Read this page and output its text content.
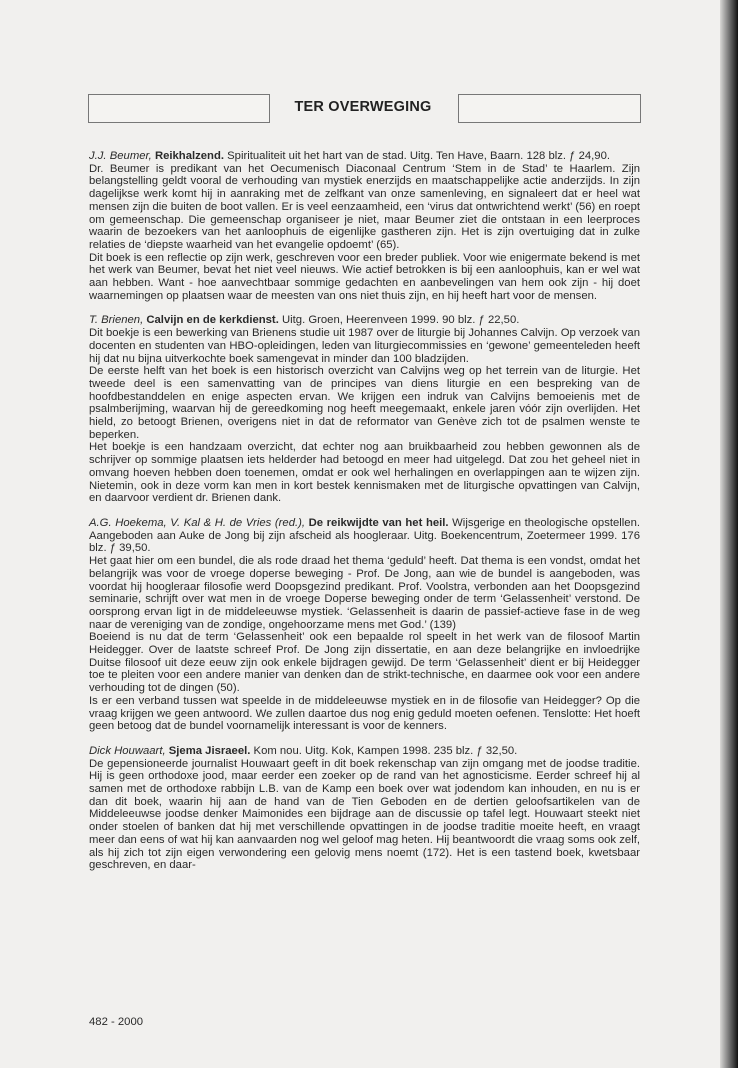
TER OVERWEGING

J.J. Beumer, Reikhalzend. Spiritualiteit uit het hart van de stad. Uitg. Ten Have, Baarn. 128 blz. ƒ 24,90.

Dr. Beumer is predikant van het Oecumenisch Diaconaal Centrum ‘Stem in de Stad’ te Haarlem. Zijn belangstelling geldt vooral de verhouding van mystiek enerzijds en maatschappelijke actie anderzijds. In zijn dagelijkse werk komt hij in aanraking met de zelfkant van onze samenleving, en signaleert dat er heel wat mensen zijn die buiten de boot vallen. Er is veel eenzaamheid, een ‘virus dat ontwrichtend werkt’ (56) en roept om gemeenschap. Die gemeenschap organiseer je niet, maar Beumer ziet die ontstaan in een leerproces waarin de bezoekers van het aanloophuis de eigenlijke gastheren zijn. Het is zijn overtuiging dat in zulke relaties de ‘diepste waarheid van het evangelie opdoemt’ (65).

Dit boek is een reflectie op zijn werk, geschreven voor een breder publiek. Voor wie enigermate bekend is met het werk van Beumer, bevat het niet veel nieuws. Wie actief betrokken is bij een aanloophuis, kan er wel wat aan hebben. Want - hoe aanvechtbaar sommige gedachten en aanbevelingen van hem ook zijn - hij doet waarnemingen op plaatsen waar de meesten van ons niet thuis zijn, en hij heeft hart voor de mensen.

T. Brienen, Calvijn en de kerkdienst. Uitg. Groen, Heerenveen 1999. 90 blz. ƒ 22,50.

Dit boekje is een bewerking van Brienens studie uit 1987 over de liturgie bij Johannes Calvijn. Op verzoek van docenten en studenten van HBO-opleidingen, leden van liturgiecommissies en ‘gewone’ gemeenteleden heeft hij dat nu bijna uitverkochte boek samengevat in minder dan 100 bladzijden.

De eerste helft van het boek is een historisch overzicht van Calvijns weg op het terrein van de liturgie. Het tweede deel is een samenvatting van de principes van diens liturgie en een bespreking van de hoofdbestanddelen en enige aspecten ervan. We krijgen een indruk van Calvijns bemoeienis met de psalmberijming, waarvan hij de gereedkoming nog heeft meegemaakt, enkele jaren vóór zijn overlijden. Het hield, zo betoogt Brienen, overigens niet in dat de reformator van Genève zich tot de psalmen wenste te beperken.

Het boekje is een handzaam overzicht, dat echter nog aan bruikbaarheid zou hebben gewonnen als de schrijver op sommige plaatsen iets helderder had betoogd en meer had uitgelegd. Dat zou het geheel niet in omvang hoeven hebben doen toenemen, omdat er ook wel herhalingen en overlappingen aan te wijzen zijn. Nietemin, ook in deze vorm kan men in kort bestek kennismaken met de liturgische opvattingen van Calvijn, en daarvoor verdient dr. Brienen dank.

A.G. Hoekema, V. Kal & H. de Vries (red.), De reikwijdte van het heil. Wijsgerige en theologische opstellen. Aangeboden aan Auke de Jong bij zijn afscheid als hoogleraar. Uitg. Boekencentrum, Zoetermeer 1999. 176 blz. ƒ 39,50.

Het gaat hier om een bundel, die als rode draad het thema ‘geduld’ heeft. Dat thema is een vondst, omdat het belangrijk was voor de vroege doperse beweging - Prof. De Jong, aan wie de bundel is aangeboden, was voordat hij hoogleraar filosofie werd Doopsgezind predikant. Prof. Voolstra, verbonden aan het Doopsgezind seminarie, schrijft over wat men in de vroege Doperse beweging onder de term ‘Gelassenheit’ verstond. De oorsprong ervan ligt in de middeleeuwse mystiek. ‘Gelassenheit is daarin de passief-actieve fase in de weg naar de vereniging van de zondige, ongehoorzame mens met God.’ (139)

Boeiend is nu dat de term ‘Gelassenheit’ ook een bepaalde rol speelt in het werk van de filosoof Martin Heidegger. Over de laatste schreef Prof. De Jong zijn dissertatie, en aan deze belangrijke en invloedrijke Duitse filosoof uit deze eeuw zijn ook enkele bijdragen gewijd. De term ‘Gelassenheit’ dient er bij Heidegger toe te pleiten voor een andere manier van denken dan de strikt-technische, en daarmee ook voor een andere verhouding tot de dingen (50).

Is er een verband tussen wat speelde in de middeleeuwse mystiek en in de filosofie van Heidegger? Op die vraag krijgen we geen antwoord. We zullen daartoe dus nog enig geduld moeten oefenen. Tenslotte: Het hoeft geen betoog dat de bundel voornamelijk interessant is voor de kenners.

Dick Houwaart, Sjema Jisraeel. Kom nou. Uitg. Kok, Kampen 1998. 235 blz. ƒ 32,50.

De gepensioneerde journalist Houwaart geeft in dit boek rekenschap van zijn omgang met de joodse traditie. Hij is geen orthodoxe jood, maar eerder een zoeker op de rand van het agnosticisme. Eerder schreef hij al samen met de orthodoxe rabbijn L.B. van de Kamp een boek over wat jodendom kan inhouden, en nu is er dan dit boek, waarin hij aan de hand van de Tien Geboden en de dertien geloofsartikelen van de Middeleeuwse joodse denker Maimonides een bijdrage aan de discussie op tafel legt. Houwaart steekt niet onder stoelen of banken dat hij met verschillende opvattingen in de joodse traditie moeite heeft, en vraagt meer dan eens of wat hij kan aanvaarden nog wel geloof mag heten. Hij beantwoordt die vraag soms ook zelf, als hij zich tot zijn eigen verwondering een gelovig mens noemt (172). Het is een tastend boek, kwetsbaar geschreven, en daar-

482 - 2000
